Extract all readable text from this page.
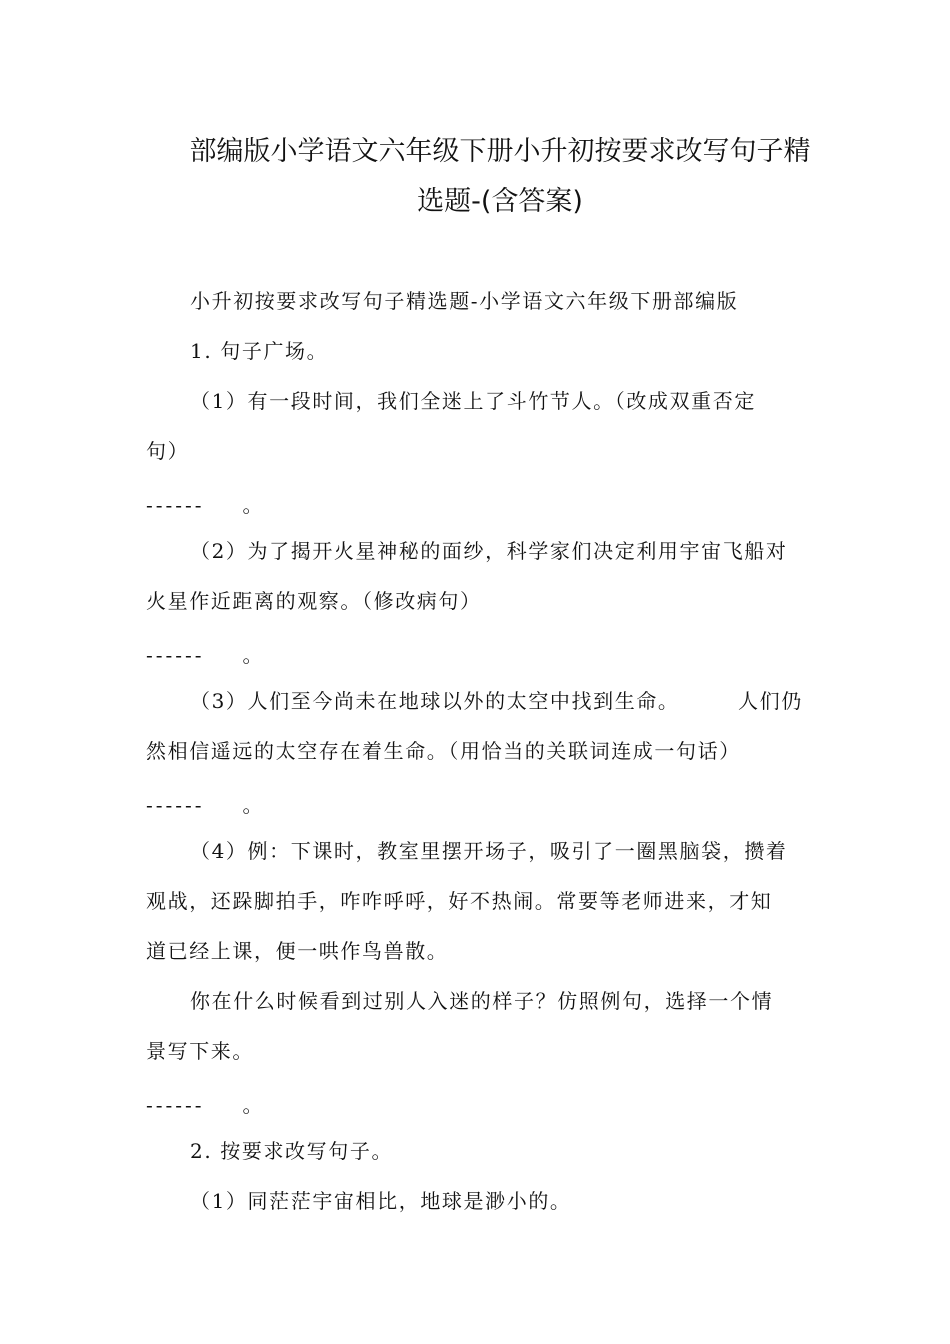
部编版小学语文六年级下册小升初按要求改写句子精
选题-(含答案)
小升初按要求改写句子精选题-小学语文六年级下册部编版
1. 句子广场。
（1）有一段时间，我们全迷上了斗竹节人。（改成双重否定
句）
------ 。
（2）为了揭开火星神秘的面纱，科学家们决定利用宇宙飞船对
火星作近距离的观察。（修改病句）
------ 。
（3）人们至今尚未在地球以外的太空中找到生命。	人们仍
然相信遥远的太空存在着生命。（用恰当的关联词连成一句话）
------ 。
（4）例：下课时，教室里摆开场子，吸引了一圈黑脑袋，攒着
观战，还跺脚拍手，咋咋呼呼，好不热闹。常要等老师进来，才知
道已经上课，便一哄作鸟兽散。
你在什么时候看到过别人入迷的样子？仿照例句，选择一个情
景写下来。
------ 。
2. 按要求改写句子。
（1）同茫茫宇宙相比，地球是渺小的。
